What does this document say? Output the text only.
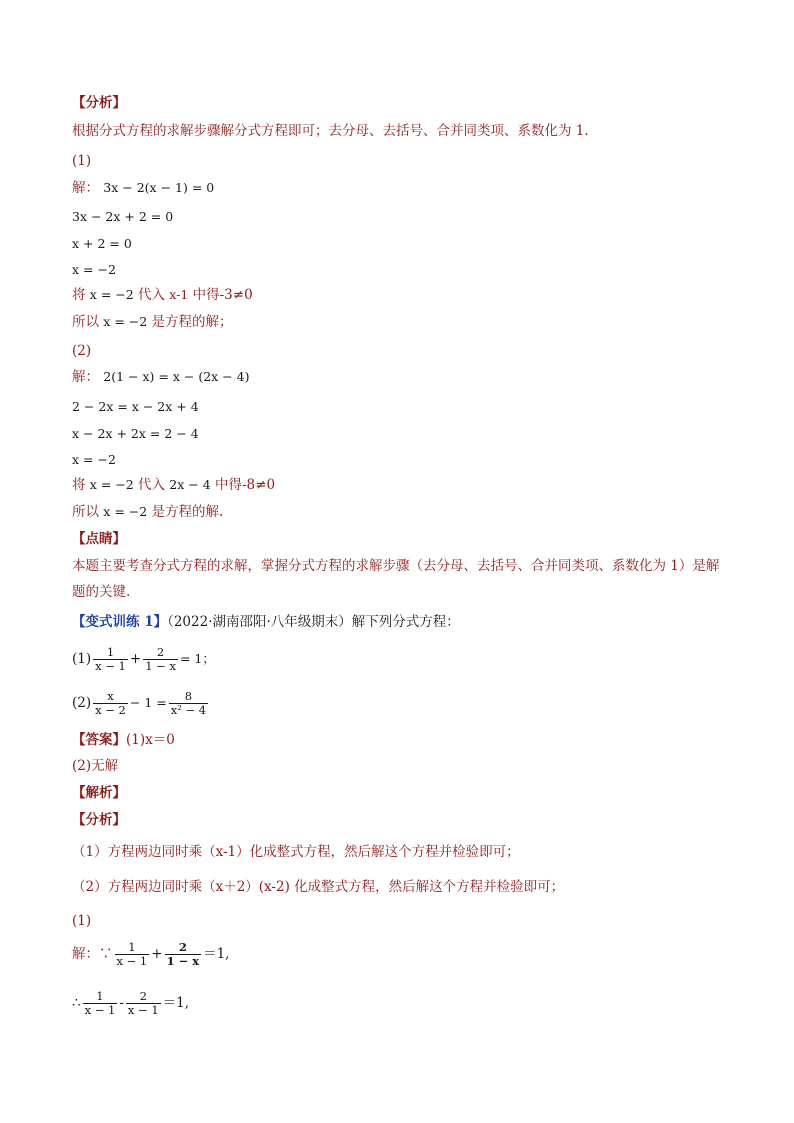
【分析】
根据分式方程的求解步骤解分式方程即可；去分母、去括号、合并同类项、系数化为 1.
(1)
解： 3x − 2(x − 1) = 0
3x − 2x + 2 = 0
x + 2 = 0
x = −2
将 x = −2 代入 x-1 中得-3≠0
所以 x = −2 是方程的解；
(2)
解： 2(1 − x) = x − (2x − 4)
2 − 2x = x − 2x + 4
x − 2x + 2x = 2 − 4
x = −2
将 x = −2 代入 2x − 4 中得-8≠0
所以 x = −2 是方程的解.
【点睛】
本题主要考查分式方程的求解，掌握分式方程的求解步骤（去分母、去括号、合并同类项、系数化为 1）是解题的关键.
【变式训练 1】（2022·湖南邵阳·八年级期末）解下列分式方程：
$(1) \frac{1}{x - 1} + \frac{2}{1 - x} = 1$；
$(2) \frac{x}{x - 2} - 1 = \frac{8}{\text{x² − 4}}$
【答案】(1)x＝0
(2)无解
【解析】
【分析】
（1）方程两边同时乘（x-1）化成整式方程，然后解这个方程并检验即可；
（2）方程两边同时乘（x＋2）(x-2) 化成整式方程，然后解这个方程并检验即可；
(1)
解：∵ $\frac{1}{x - 1} + \frac{2}{1 - x} =1$,
∴ $\frac{1}{x - 1} - \frac{2}{x - 1} =1$,
